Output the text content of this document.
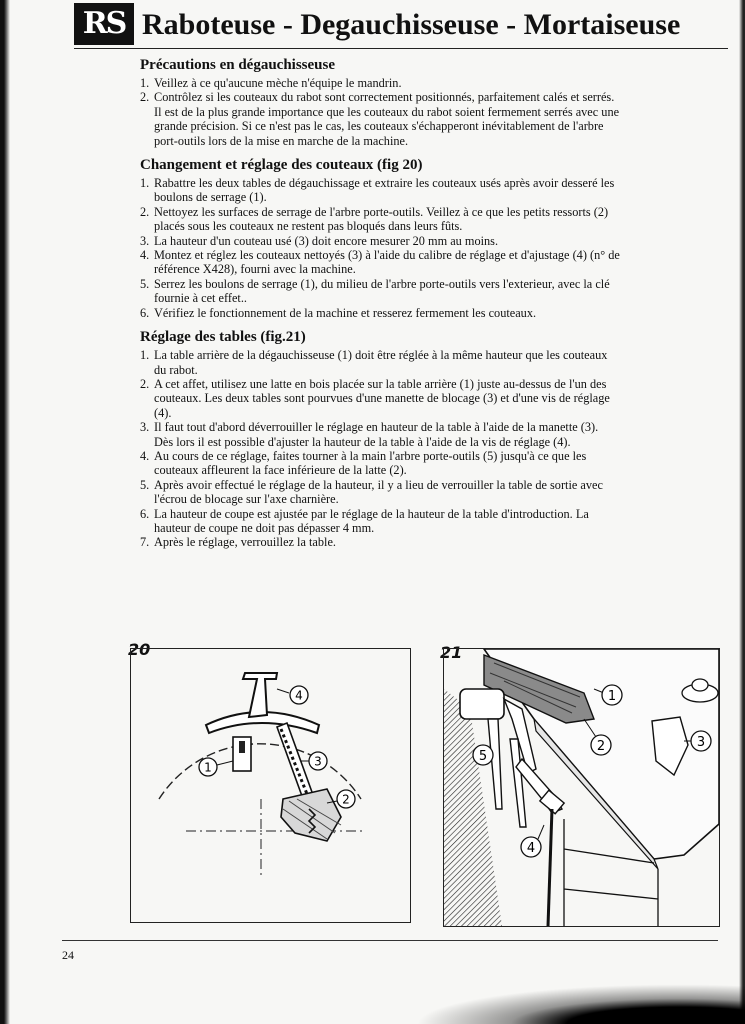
RS Raboteuse - Degauchisseuse - Mortaiseuse
Précautions en dégauchisseuse
1. Veillez à ce qu'aucune mèche n'équipe le mandrin.
2. Contrôlez si les couteaux du rabot sont correctement positionnés, parfaitement calés et serrés. Il est de la plus grande importance que les couteaux du rabot soient fermement serrés avec une grande précision. Si ce n'est pas le cas, les couteaux s'échapperont inévitablement de l'arbre port-outils lors de la mise en marche de la machine.
Changement et réglage des couteaux (fig 20)
1. Rabattre les deux tables de dégauchissage et extraire les couteaux usés après avoir desseré les boulons de serrage (1).
2. Nettoyez les surfaces de serrage de l'arbre porte-outils. Veillez à ce que les petits ressorts (2) placés sous les couteaux ne restent pas bloqués dans leurs fûts.
3. La hauteur d'un couteau usé (3) doit encore mesurer 20 mm au moins.
4. Montez et réglez les couteaux nettoyés (3) à l'aide du calibre de réglage et d'ajustage (4) (n° de référence X428), fourni avec la machine.
5. Serrez les boulons de serrage (1), du milieu de l'arbre porte-outils vers l'exterieur, avec la clé fournie à cet effet..
6. Vérifiez le fonctionnement de la machine et resserez fermement les couteaux.
Réglage des tables (fig.21)
1. La table arrière de la dégauchisseuse (1) doit être réglée à la même hauteur que les couteaux du rabot.
2. A cet affet, utilisez une latte en bois placée sur la table arrière (1) juste au-dessus de l'un des couteaux. Les deux tables sont pourvues d'une manette de blocage (3) et d'une vis de réglage (4).
3. Il faut tout d'abord déverrouiller le réglage en hauteur de la table à l'aide de la manette (3). Dès lors il est possible d'ajuster la hauteur de la table à l'aide de la vis de réglage (4).
4. Au cours de ce réglage, faites tourner à la main l'arbre porte-outils (5) jusqu'à ce que les couteaux affleurent la face inférieure de la latte (2).
5. Après avoir effectué le réglage de la hauteur, il y a lieu de verrouiller la table de sortie avec l'écrou de blocage sur l'axe charnière.
6. La hauteur de coupe est ajustée par le réglage de la hauteur de la table d'introduction. La hauteur de coupe ne doit pas dépasser 4 mm.
7. Après le réglage, verrouillez la table.
20
4
1	3
2
21
1
2	3
5
4
24
